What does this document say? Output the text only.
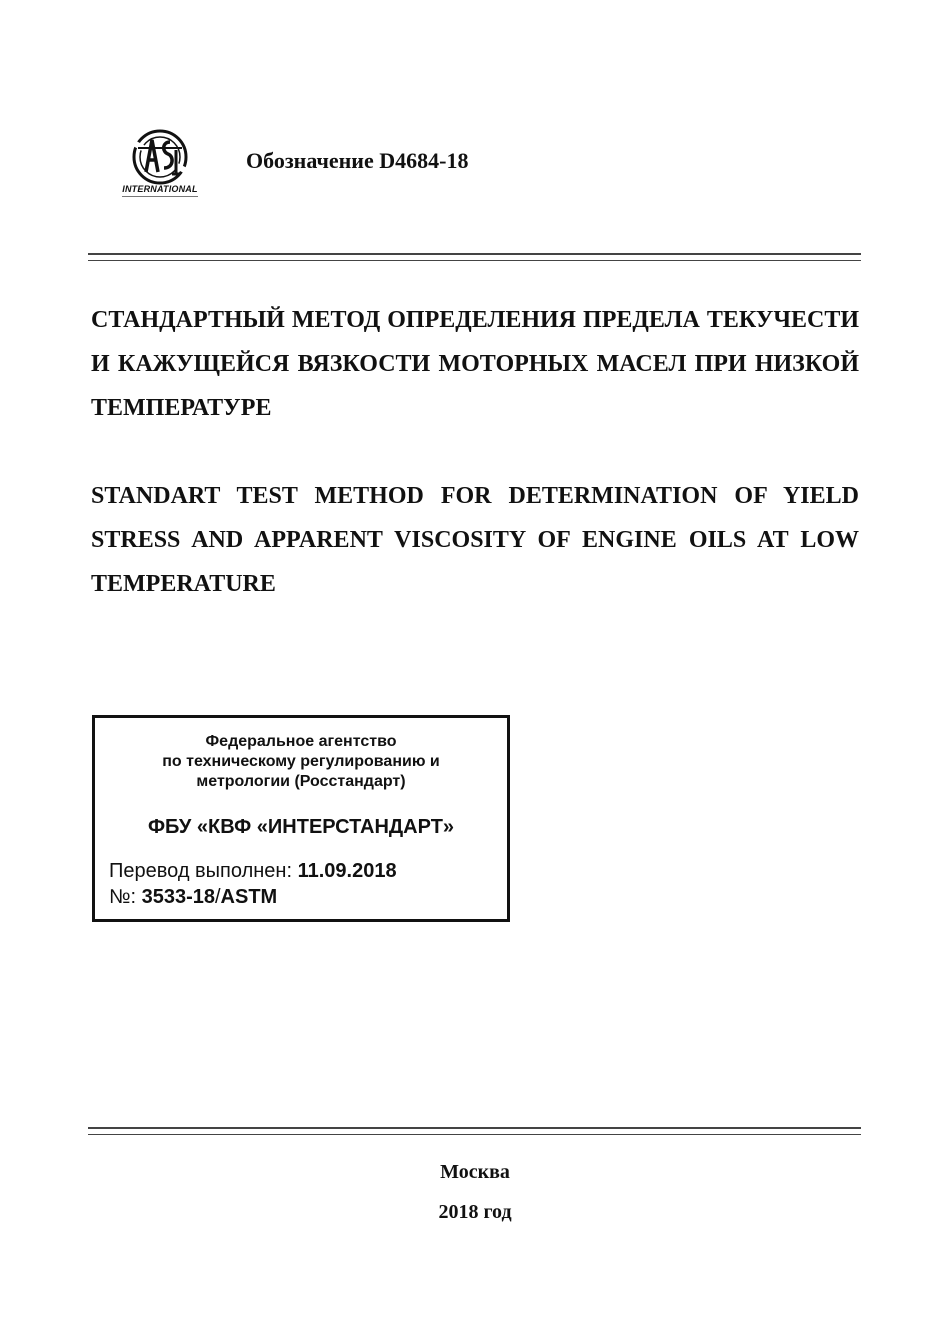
INTERNATIONAL
Обозначение D4684-18
СТАНДАРТНЫЙ МЕТОД ОПРЕДЕЛЕНИЯ ПРЕДЕЛА ТЕКУЧЕСТИ И КАЖУЩЕЙСЯ ВЯЗКОСТИ МОТОРНЫХ МАСЕЛ ПРИ НИЗКОЙ ТЕМПЕРАТУРЕ
STANDART TEST METHOD FOR DETERMINATION OF YIELD STRESS AND APPARENT VISCOSITY OF ENGINE OILS AT LOW TEMPERATURE
Федеральное агентство
по техническому регулированию и
метрологии (Росстандарт)
ФБУ «КВФ «ИНТЕРСТАНДАРТ»
Перевод выполнен: 11.09.2018
№: 3533-18/ASTM
Москва
2018 год
